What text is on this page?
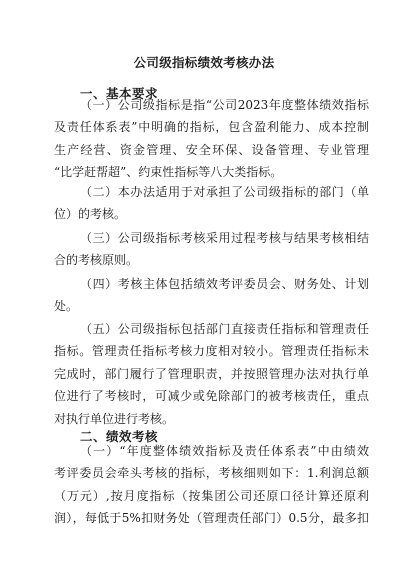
公司级指标绩效考核办法
一、基本要求
（一）公司级指标是指“公司2023年度整体绩效指标
及责任体系表”中明确的指标，包含盈利能力、成本控制
生产经营、资金管理、安全环保、设备管理、专业管理
“比学赶帮超”、约束性指标等八大类指标。
（二）本办法适用于对承担了公司级指标的部门（单
位）的考核。
（三）公司级指标考核采用过程考核与结果考核相结
合的考核原则。
（四）考核主体包括绩效考评委员会、财务处、计划
处。
（五）公司级指标包括部门直接责任指标和管理责任
指标。管理责任指标考核力度相对较小。管理责任指标未
完成时，部门履行了管理职责，并按照管理办法对执行单
位进行了考核时，可减少或免除部门的被考核责任，重点
对执行单位进行考核。
二、绩效考核
（一）“年度整体绩效指标及责任体系表”中由绩效
考评委员会牵头考核的指标，考核细则如下：1.利润总额
（万元）,按月度指标（按集团公司还原口径计算还原利
润），每低于5%扣财务处（管理责任部门）0.5分，最多扣
